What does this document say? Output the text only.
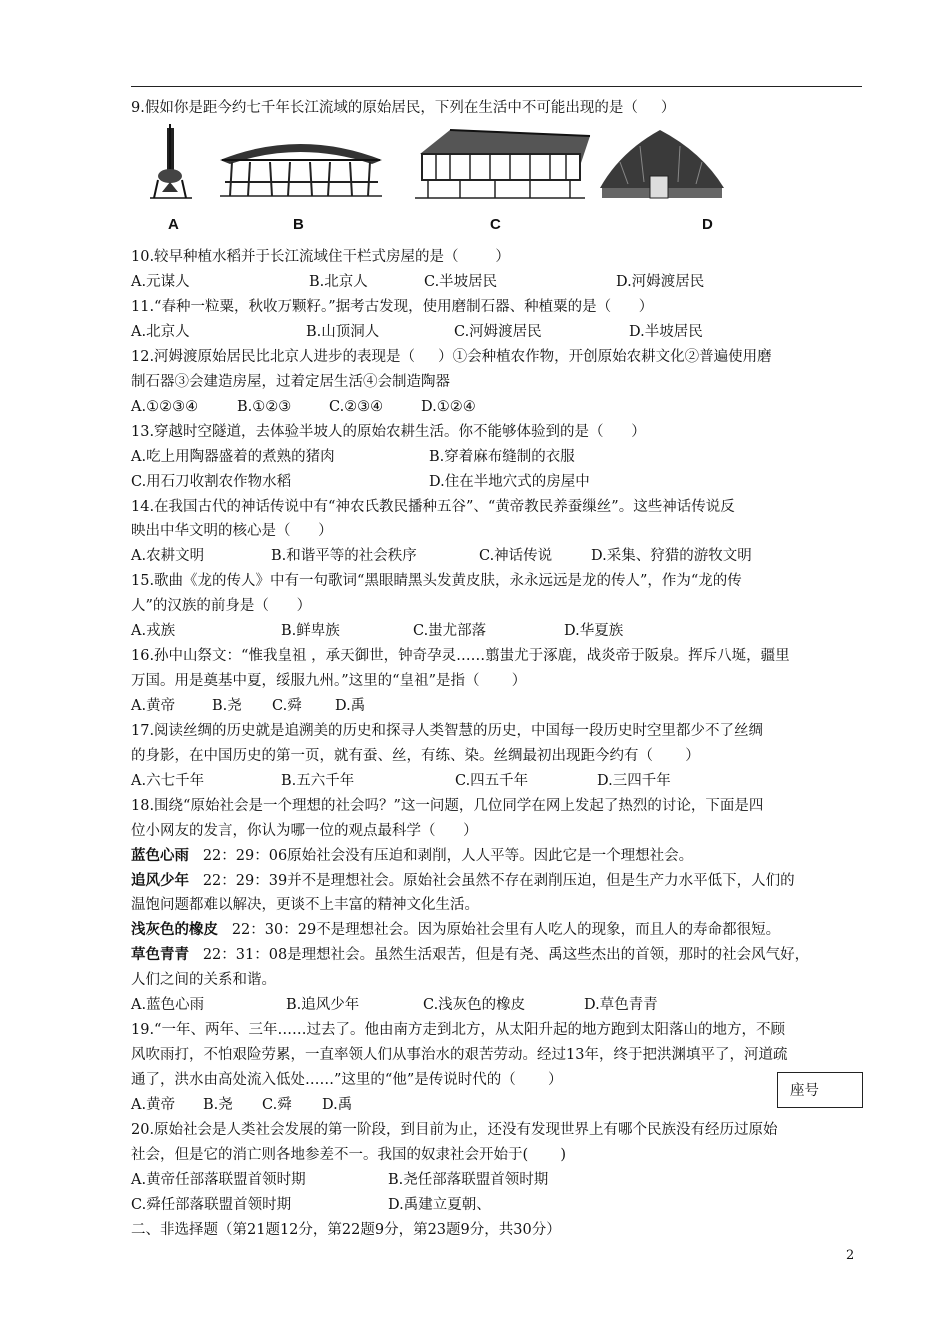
9.假如你是距今约七千年长江流域的原始居民，下列在生活中不可能出现的是（     ）
A	B	C	D
10.较早种植水稻并于长江流域住干栏式房屋的是（        ）

A.元谋人

	B.北京人

	C.半坡居民

	D.河姆渡居民

11.“春种一粒粟，秋收万颗籽。”据考古发现，使用磨制石器、种植粟的是（      ）

A.北京人

	B.山顶洞人

	C.河姆渡居民

	D.半坡居民

12.河姆渡原始居民比北京人进步的表现是（     ）①会种植农作物，开创原始农耕文化②普遍使用磨
制石器③会建造房屋，过着定居生活④会制造陶器

A.①②③④

	B.①②③

	C.②③④

	D.①②④

13.穿越时空隧道，去体验半坡人的原始农耕生活。你不能够体验到的是（      ）

A.吃上用陶器盛着的煮熟的猪肉

	B.穿着麻布缝制的衣服

C.用石刀收割农作物水稻

	D.住在半地穴式的房屋中

14.在我国古代的神话传说中有“神农氏教民播种五谷”、“黄帝教民养蚕缫丝”。这些神话传说反
映出中华文明的核心是（      ）

A.农耕文明

	B.和谐平等的社会秩序

	C.神话传说

	D.采集、狩猎的游牧文明

15.歌曲《龙的传人》中有一句歌词“黑眼睛黑头发黄皮肤，永永远远是龙的传人”，作为“龙的传
人”的汉族的前身是（      ）

A.戎族

	B.鲜卑族

	C.蚩尤部落

	D.华夏族

16.孙中山祭文：“惟我皇祖 ，承天御世，钟奇孕灵……翦蚩尤于涿鹿，战炎帝于阪泉。挥斥八埏，疆里
万国。用是奠基中夏，绥服九州。”这里的“皇祖”是指（       ）

A.黄帝

	B.尧

C.舜

D.禹

17.阅读丝绸的历史就是追溯美的历史和探寻人类智慧的历史，中国每一段历史时空里都少不了丝绸
的身影，在中国历史的第一页，就有蚕、丝，有练、染。丝绸最初出现距今约有（       ）

A.六七千年

	B.五六千年

	C.四五千年

	D.三四千年

18.围绕“原始社会是一个理想的社会吗？”这一问题，几位同学在网上发起了热烈的讨论，下面是四
位小网友的发言，你认为哪一位的观点最科学（      ）
蓝色心雨   22：29：06原始社会没有压迫和剥削，人人平等。因此它是一个理想社会。
追风少年   22：29：39并不是理想社会。原始社会虽然不存在剥削压迫，但是生产力水平低下，人们的
温饱问题都难以解决，更谈不上丰富的精神文化生活。
浅灰色的橡皮   22：30：29不是理想社会。因为原始社会里有人吃人的现象，而且人的寿命都很短。
草色青青   22：31：08是理想社会。虽然生活艰苦，但是有尧、禹这些杰出的首领，那时的社会风气好，
人们之间的关系和谐。

A.蓝色心雨

	B.追风少年

	C.浅灰色的橡皮

	D.草色青青

19.“一年、两年、三年……过去了。他由南方走到北方，从太阳升起的地方跑到太阳落山的地方，不顾
风吹雨打，不怕艰险劳累，一直率领人们从事治水的艰苦劳动。经过13年，终于把洪渊填平了，河道疏
通了，洪水由高处流入低处……”这里的“他”是传说时代的（       ）

A.黄帝

B.尧

C.舜

D.禹

座号
20.原始社会是人类社会发展的第一阶段，到目前为止，还没有发现世界上有哪个民族没有经历过原始
社会，但是它的消亡则各地参差不一。我国的奴隶社会开始于(       )

A.黄帝任部落联盟首领时期

	B.尧任部落联盟首领时期

C.舜任部落联盟首领时期

	D.禹建立夏朝、

二、非选择题（第21题12分，第22题9分，第23题9分，共30分）
2
